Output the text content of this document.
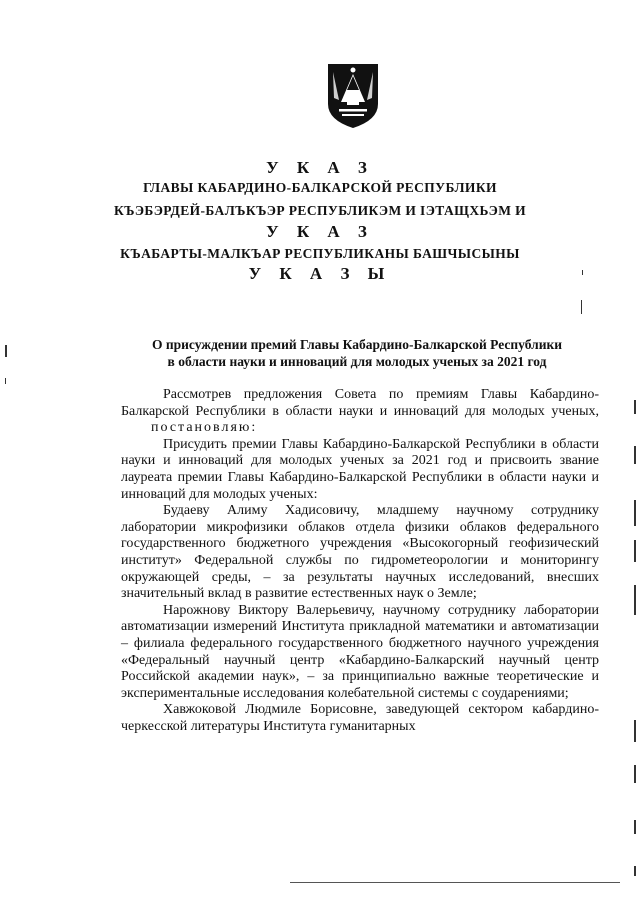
У К А З
ГЛАВЫ КАБАРДИНО-БАЛКАРСКОЙ РЕСПУБЛИКИ
КЪЭБЭРДЕЙ-БАЛЪКЪЭР РЕСПУБЛИКЭМ И ІЭТАЩХЬЭМ И
У К А З
КЪАБАРТЫ-МАЛКЪАР РЕСПУБЛИКАНЫ БАШЧЫСЫНЫ
У К А З Ы
О присуждении премий Главы Кабардино-Балкарской Республики
в области науки и инноваций для молодых ученых за 2021 год

Рассмотрев предложения Совета по премиям Главы Кабардино-Балкарской Республики в области науки и инноваций для молодых ученых,постановляю:

Присудить премии Главы Кабардино-Балкарской Республики в области науки и инноваций для молодых ученых за 2021 год и присвоить звание лауреата премии Главы Кабардино-Балкарской Республики в области науки и инноваций для молодых ученых:

Будаеву Алиму Хадисовичу, младшему научному сотруднику лаборатории микрофизики облаков отдела физики облаков федерального государственного бюджетного учреждения «Высокогорный геофизический институт» Федеральной службы по гидрометеорологии и мониторингу окружающей среды, – за результаты научных исследований, внесших значительный вклад в развитие естественных наук о Земле;

Нарожнову Виктору Валерьевичу, научному сотруднику лаборатории автоматизации измерений Института прикладной математики и автоматизации – филиала федерального государственного бюджетного научного учреждения «Федеральный научный центр «Кабардино-Балкарский научный центр Российской академии наук», – за принципиально важные теоретические и экспериментальные исследования колебательной системы с соударениями;

Хавжоковой Людмиле Борисовне, заведующей сектором кабардино-черкесской литературы Института гуманитарных
